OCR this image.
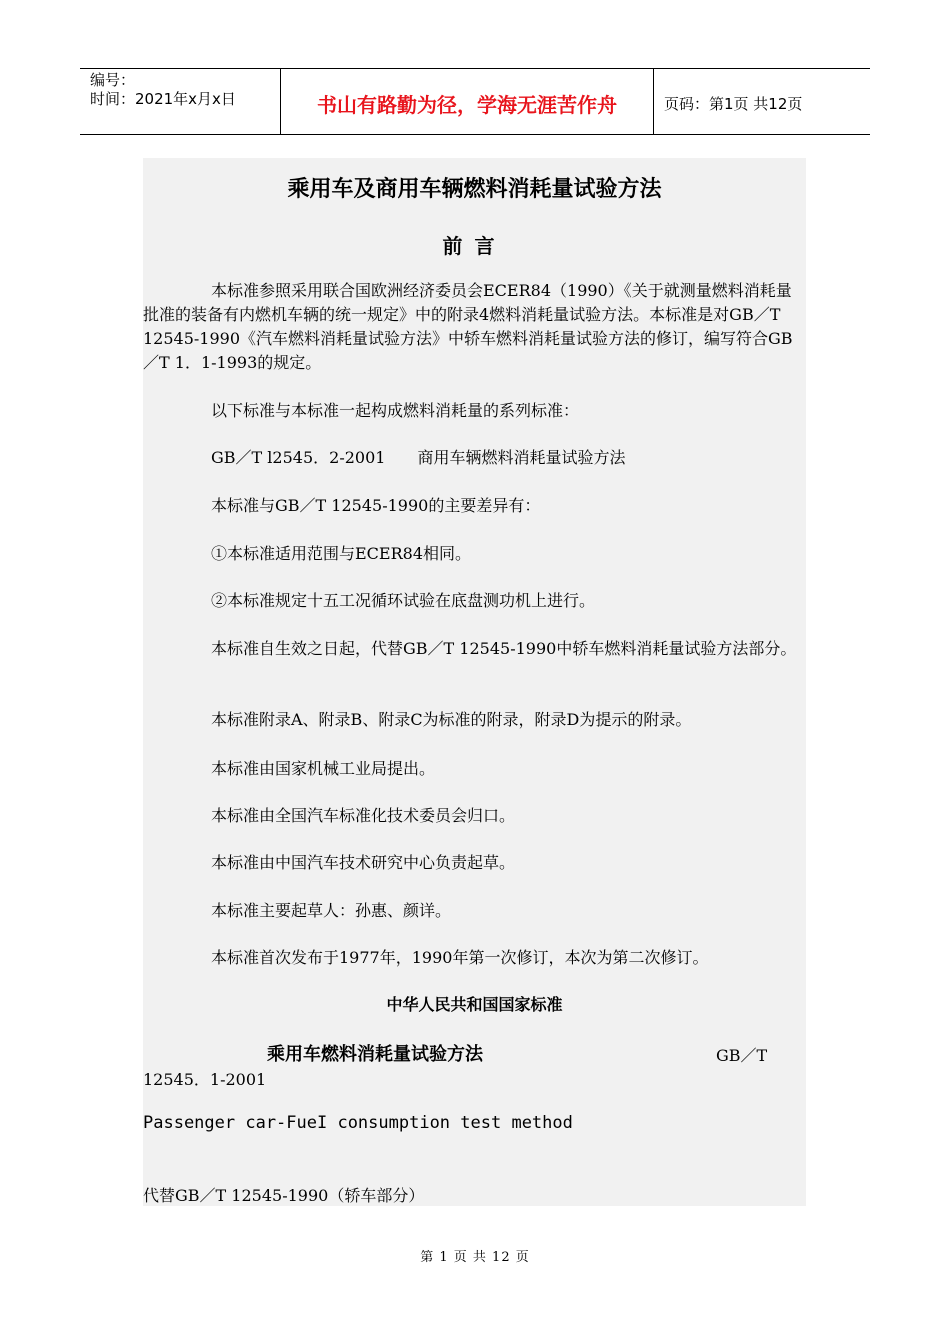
编号：
时间：2021年x月x日	书山有路勤为径，学海无涯苦作舟	页码：第1页 共12页
乘用车及商用车辆燃料消耗量试验方法
前言

本标准参照采用联合国欧洲经济委员会ECER84（1990）《关于就测量燃料消耗量批准的装备有内燃机车辆的统一规定》中的附录4燃料消耗量试验方法。本标准是对GB／T 12545-1990《汽车燃料消耗量试验方法》中轿车燃料消耗量试验方法的修订，编写符合GB／T 1．1-1993的规定。

以下标准与本标准一起构成燃料消耗量的系列标准：

GB／T l2545．2-2001　　商用车辆燃料消耗量试验方法

本标准与GB／T 12545-1990的主要差异有：

①本标准适用范围与ECER84相同。

②本标准规定十五工况循环试验在底盘测功机上进行。

本标准自生效之日起，代替GB／T 12545-1990中轿车燃料消耗量试验方法部分。

本标准附录A、附录B、附录C为标准的附录，附录D为提示的附录。

本标准由国家机械工业局提出。

本标准由全国汽车标准化技术委员会归口。

本标准由中国汽车技术研究中心负责起草。

本标准主要起草人：孙惠、颜详。

本标准首次发布于1977年，1990年第一次修订，本次为第二次修订。

中华人民共和国国家标准
乘用车燃料消耗量试验方法	GB／T
12545．1-2001
Passenger car-FueI consumption test method
代替GB／T 12545-1990（轿车部分）
第 1 页 共 12 页
